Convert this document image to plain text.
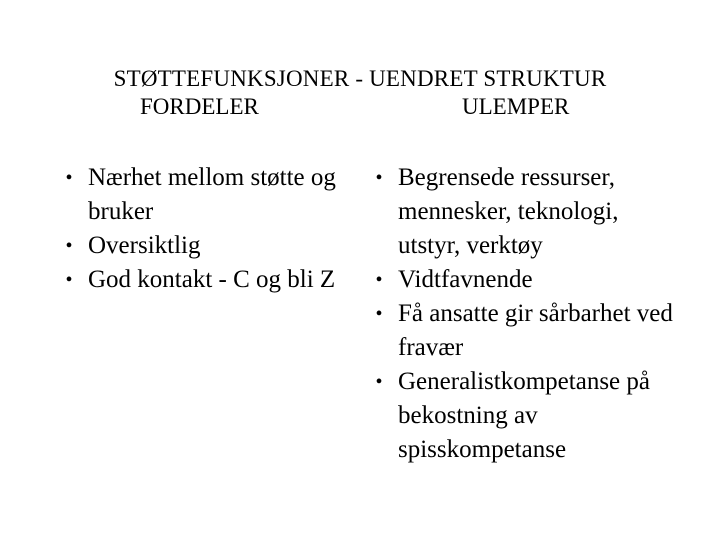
STØTTEFUNKSJONER - UENDRET STRUKTUR
FORDELER	ULEMPER
• Nærhet mellom støtte og bruker
• Oversiktlig
• God kontakt - C og bli Z
• Begrensede ressurser, mennesker, teknologi, utstyr, verktøy
• Vidtfavnende
• Få ansatte gir sårbarhet ved fravær
• Generalistkompetanse på bekostning av spisskompetanse
